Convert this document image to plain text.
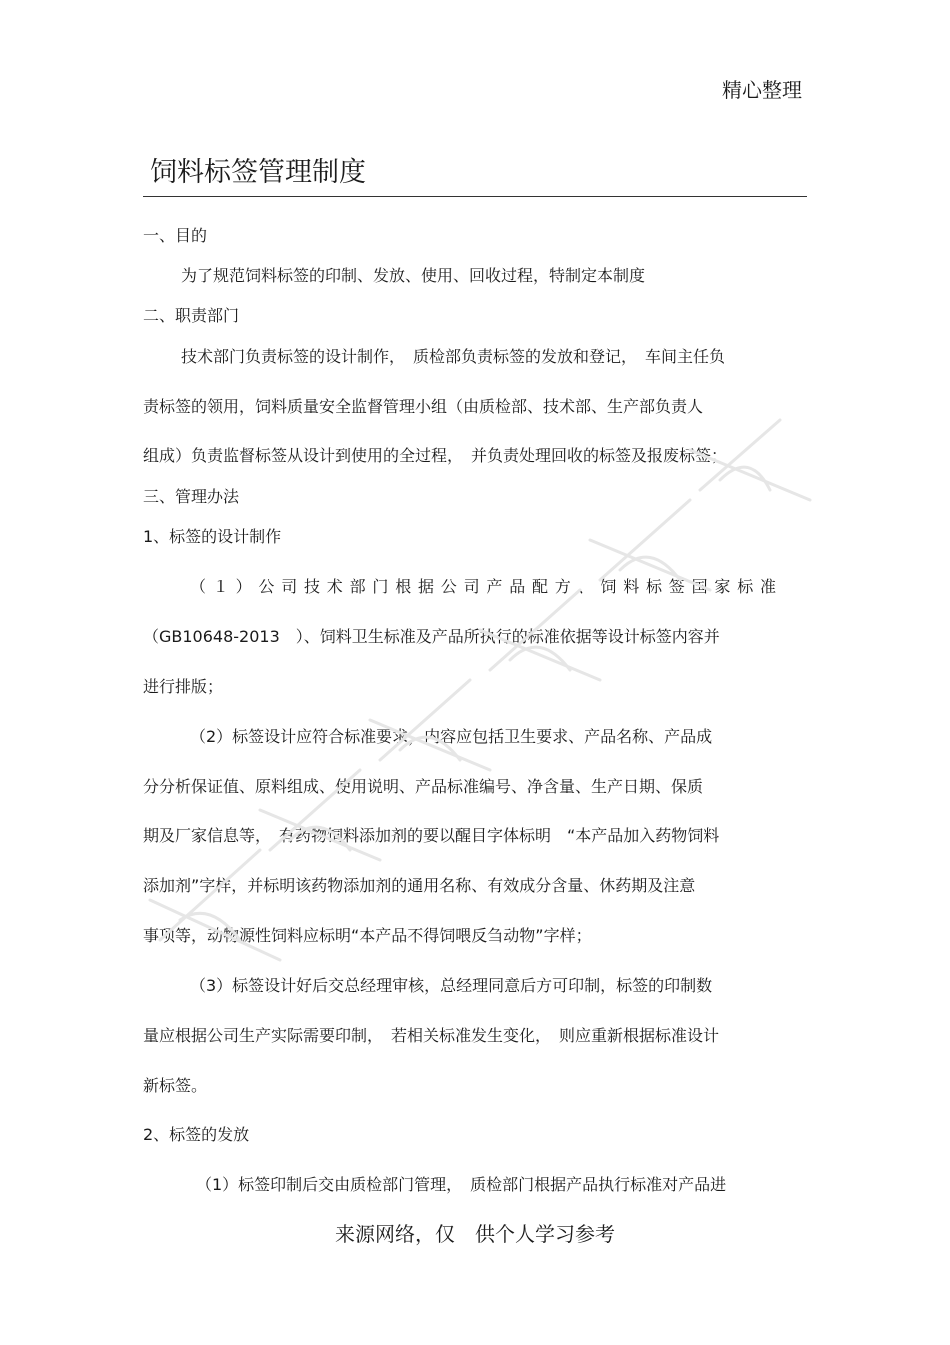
精心整理
饲料标签管理制度
一、目的
为了规范饲料标签的印制、发放、使用、回收过程，特制定本制度
二、职责部门
技术部门负责标签的设计制作，　质检部负责标签的发放和登记，　车间主任负
责标签的领用，饲料质量安全监督管理小组（由质检部、技术部、生产部负责人
组成）负责监督标签从设计到使用的全过程，　并负责处理回收的标签及报废标签；
三、管理办法
1、标签的设计制作
（１）公司技术部门根据公司产品配方、饲料标签国家标准
（GB10648-2013　）、饲料卫生标准及产品所执行的标准依据等设计标签内容并
进行排版；
（2）标签设计应符合标准要求，内容应包括卫生要求、产品名称、产品成
分分析保证值、原料组成、使用说明、产品标准编号、净含量、生产日期、保质
期及厂家信息等，　有药物饲料添加剂的要以醒目字体标明　“本产品加入药物饲料
添加剂”字样，并标明该药物添加剂的通用名称、有效成分含量、休药期及注意
事项等，动物源性饲料应标明“本产品不得饲喂反刍动物”字样；
（3）标签设计好后交总经理审核，总经理同意后方可印制，标签的印制数
量应根据公司生产实际需要印制，　若相关标准发生变化，　则应重新根据标准设计
新标签。
2、标签的发放
（1）标签印制后交由质检部门管理，　质检部门根据产品执行标准对产品进
来源网络，仅　供个人学习参考
